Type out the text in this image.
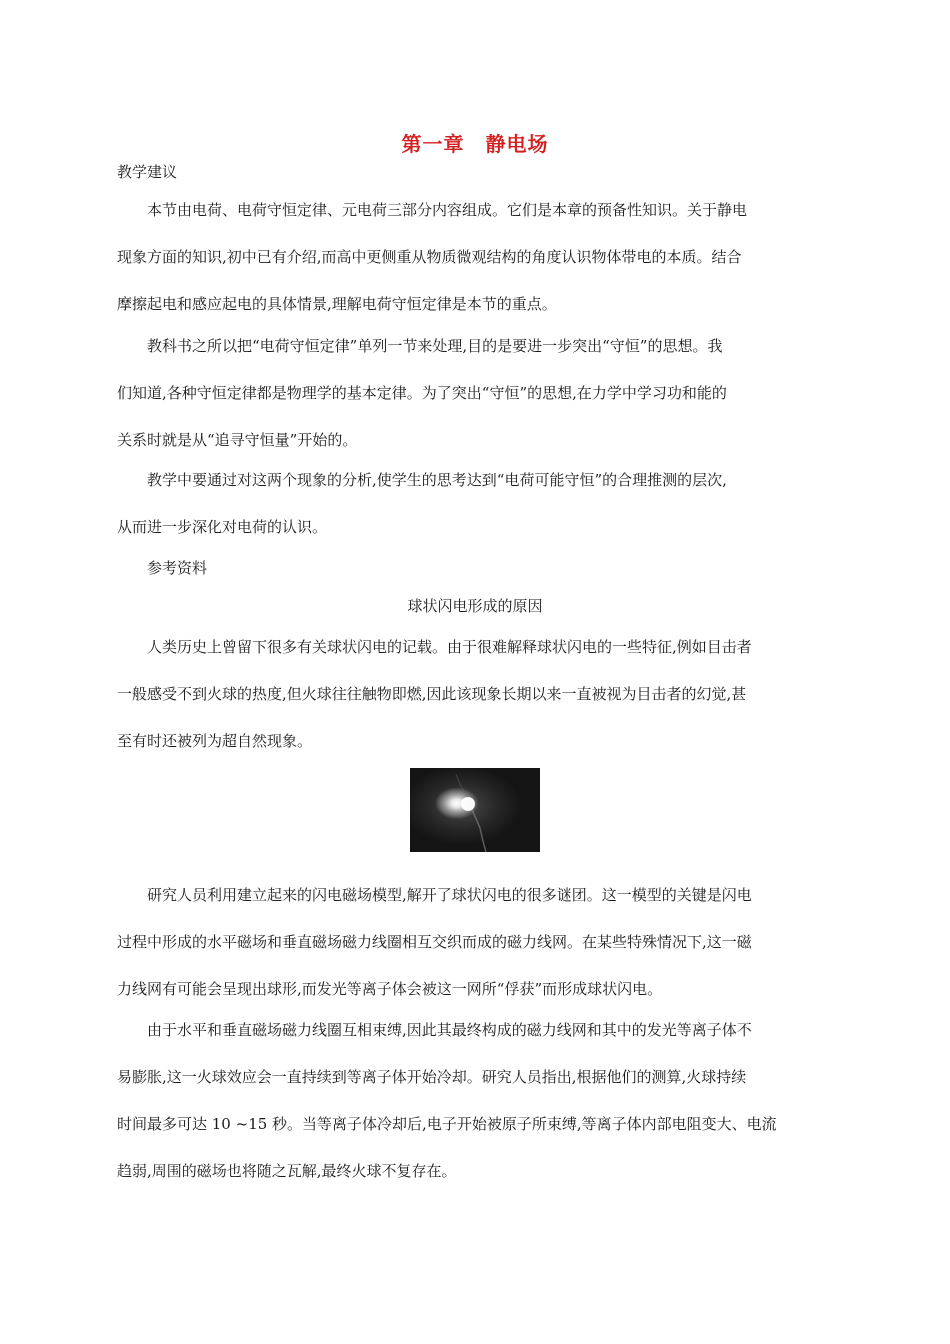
第一章　静电场
教学建议
本节由电荷、电荷守恒定律、元电荷三部分内容组成。它们是本章的预备性知识。关于静电
现象方面的知识,初中已有介绍,而高中更侧重从物质微观结构的角度认识物体带电的本质。结合
摩擦起电和感应起电的具体情景,理解电荷守恒定律是本节的重点。
教科书之所以把“电荷守恒定律”单列一节来处理,目的是要进一步突出“守恒”的思想。我
们知道,各种守恒定律都是物理学的基本定律。为了突出“守恒”的思想,在力学中学习功和能的
关系时就是从“追寻守恒量”开始的。
教学中要通过对这两个现象的分析,使学生的思考达到“电荷可能守恒”的合理推测的层次,
从而进一步深化对电荷的认识。
参考资料
球状闪电形成的原因
人类历史上曾留下很多有关球状闪电的记载。由于很难解释球状闪电的一些特征,例如目击者
一般感受不到火球的热度,但火球往往触物即燃,因此该现象长期以来一直被视为目击者的幻觉,甚
至有时还被列为超自然现象。
研究人员利用建立起来的闪电磁场模型,解开了球状闪电的很多谜团。这一模型的关键是闪电
过程中形成的水平磁场和垂直磁场磁力线圈相互交织而成的磁力线网。在某些特殊情况下,这一磁
力线网有可能会呈现出球形,而发光等离子体会被这一网所“俘获”而形成球状闪电。
由于水平和垂直磁场磁力线圈互相束缚,因此其最终构成的磁力线网和其中的发光等离子体不
易膨胀,这一火球效应会一直持续到等离子体开始冷却。研究人员指出,根据他们的测算,火球持续
时间最多可达 10 ~15 秒。当等离子体冷却后,电子开始被原子所束缚,等离子体内部电阻变大、电流
趋弱,周围的磁场也将随之瓦解,最终火球不复存在。
